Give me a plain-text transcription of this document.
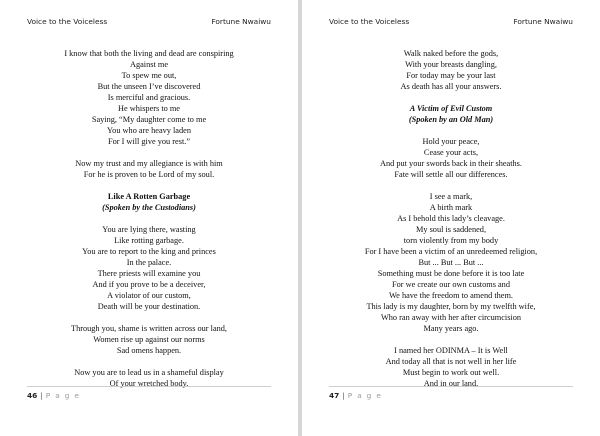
Voice to the Voiceless	Fortune Nwaiwu
I know that both the living and dead are conspiring
Against me
To spew me out,
But the unseen I’ve discovered
Is merciful and gracious.
He whispers to me
Saying, “My daughter come to me
You who are heavy laden
For I will give you rest.”
Now my trust and my allegiance is with him
For he is proven to be Lord of my soul.
Like A Rotten Garbage
(Spoken by the Custodians)
You are lying there, wasting
Like rotting garbage.
You are to report to the king and princes
In the palace.
There priests will examine you
And if you prove to be a deceiver,
A violator of our custom,
Death will be your destination.
Through you, shame is written across our land,
Women rise up against our norms
Sad omens happen.
Now you are to lead us in a shameful display
Of your wretched body.
46 | P a g e
Voice to the Voiceless	Fortune Nwaiwu
Walk naked before the gods,
With your breasts dangling,
For today may be your last
As death has all your answers.
A Victim of Evil Custom
(Spoken by an Old Man)
Hold your peace,
Cease your acts,
And put your swords back in their sheaths.
Fate will settle all our differences.
I see a mark,
A birth mark
As I behold this lady’s cleavage.
My soul is saddened,
torn violently from my body
For I have been a victim of an unredeemed religion,
But ... But ... But ...
Something must be done before it is too late
For we create our own customs and
We have the freedom to amend them.
This lady is my daughter, born by my twelfth wife,
Who ran away with her after circumcision
Many years ago.
I named her ODINMA – It is Well
And today all that is not well in her life
Must begin to work out well.
And in our land,
47 | P a g e
